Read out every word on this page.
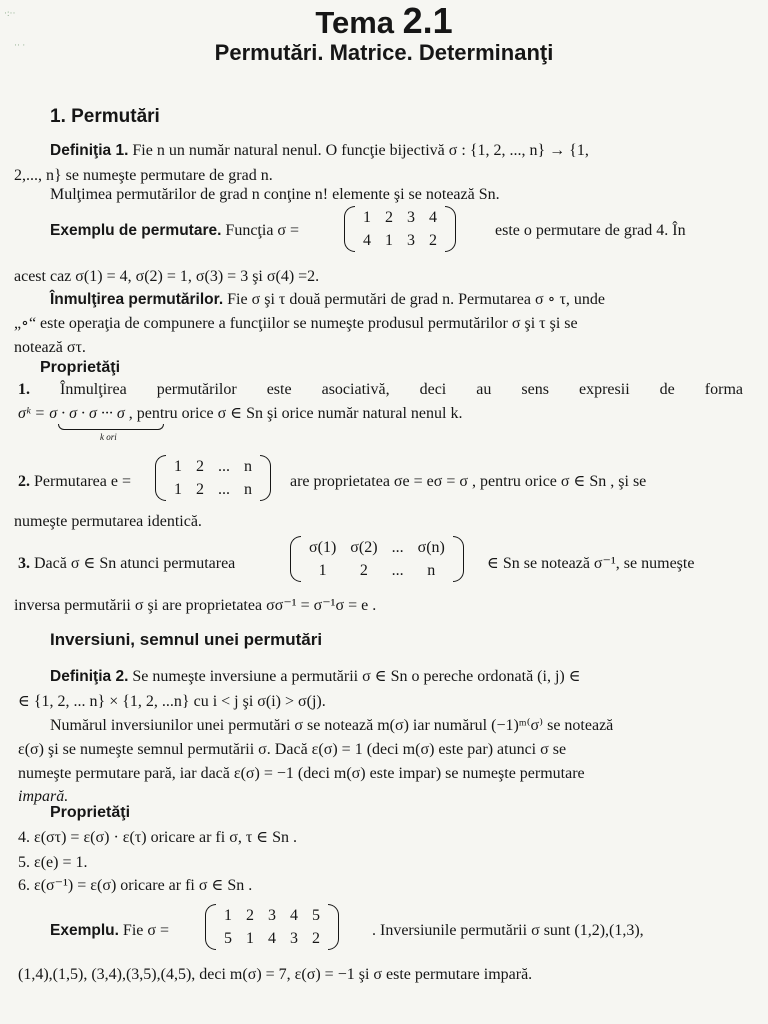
Tema 2.1
Permutări. Matrice. Determinanţi
1. Permutări
Definiţia 1. Fie n un număr natural nenul. O funcţie bijectivă σ : {1, 2, ..., n} → {1,
2,..., n} se numeşte permutare de grad n.
Mulţimea permutărilor de grad n conţine n! elemente şi se notează Sn.
Exemplu de permutare. Funcţia σ =
1	2	3	4
4	1	3	2
este o permutare de grad 4. În
acest caz σ(1) = 4, σ(2) = 1, σ(3) = 3 şi σ(4) =2.
Înmulţirea permutărilor. Fie σ şi τ două permutări de grad n. Permutarea σ ∘ τ, unde
„∘“ este operaţia de compunere a funcţiilor se numeşte produsul permutărilor σ şi τ şi se
notează στ.
Proprietăţi
1. Înmulţirea permutărilor este asociativă, deci au sens expresii de forma
σᵏ = σ · σ · σ ··· σ , pentru orice σ ∈ Sn şi orice număr natural nenul k.
k ori
2. Permutarea e =
1	2	...	n
1	2	...	n are proprietatea σe = eσ = σ , pentru orice σ ∈ Sn , şi se
numeşte permutarea identică.
3. Dacă σ ∈ Sn atunci permutarea
σ(1)	σ(2)	...	σ(n)
1	2	...	n	∈ Sn se notează σ⁻¹, se numeşte
inversa permutării σ şi are proprietatea σσ⁻¹ = σ⁻¹σ = e .
Inversiuni, semnul unei permutări
Definiţia 2. Se numeşte inversiune a permutării σ ∈ Sn o pereche ordonată (i, j) ∈
∈ {1, 2, ... n} × {1, 2, ...n} cu i < j şi σ(i) > σ(j).
Numărul inversiunilor unei permutări σ se notează m(σ) iar numărul (−1)ᵐ⁽σ⁾ se notează
ε(σ) şi se numeşte semnul permutării σ. Dacă ε(σ) = 1 (deci m(σ) este par) atunci σ se
numeşte permutare pară, iar dacă ε(σ) = −1 (deci m(σ) este impar) se numeşte permutare
impară.
Proprietăţi
4. ε(στ) = ε(σ) · ε(τ) oricare ar fi σ, τ ∈ Sn .
5. ε(e) = 1.
6. ε(σ⁻¹) = ε(σ) oricare ar fi σ ∈ Sn .
Exemplu. Fie σ =
1	2	3	4	5
5	1	4	3	2	. Inversiunile permutării σ sunt (1,2),(1,3),
(1,4),(1,5), (3,4),(3,5),(4,5), deci m(σ) = 7, ε(σ) = −1 şi σ este permutare impară.
·:··
·· ·
